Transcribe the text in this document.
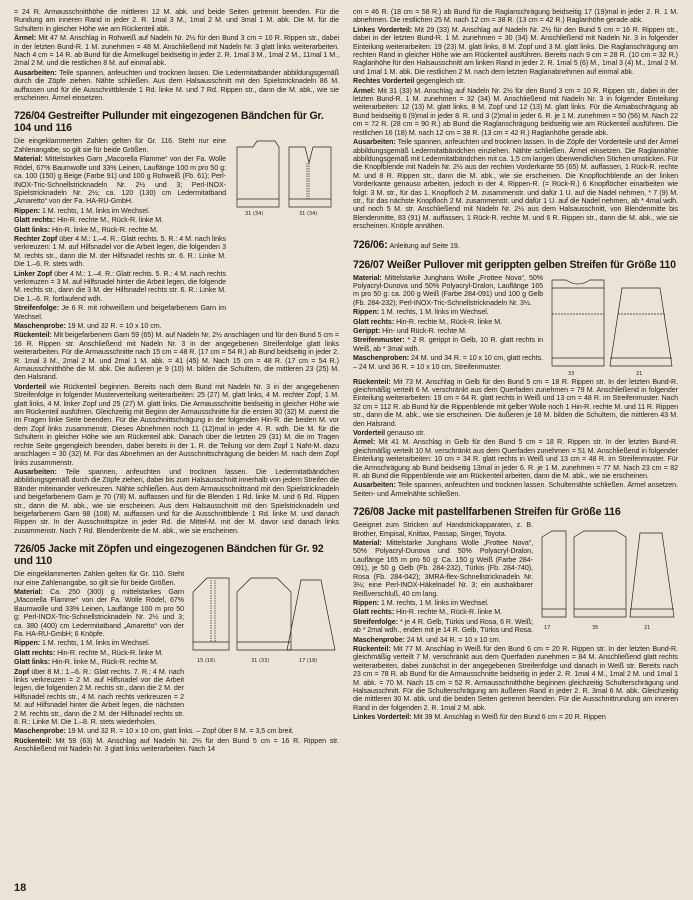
= 24 R. Armausschnitthöhe die mittleren 12 M. abk. und beide Seiten getrennt beenden. Für die Rundung am inneren Rand in jeder 2. R. 1mal 3 M., 1mal 2 M. und 3mal 1 M. abk. Die M. für die Schultern in gleicher Höhe wie am Rückenteil abk.

Ärmel: Mit 47 M. Anschlag in Rohweiß auf Nadeln Nr. 2½ für den Bund 3 cm = 10 R. Rippen str., dabei in der letzten Bund-R. 1 M. zunehmen = 48 M. Anschließend mit Nadeln Nr. 3 glatt links weiterarbeiten. Nach 4 cm = 14 R. ab Bund für die Ärmelkugel beidseitig in jeder 2. R. 1mal 3 M., 1mal 2 M., 11mal 1 M., 2mal 2 M. und die restlichen 8 M. auf einmal abk.

Ausarbeiten: Teile spannen, anfeuchten und trocknen lassen. Die Ledermitatbänder abbildungsgemäß durch die Zöpfe ziehen. Nähte schließen. Aus dem Halsausschnitt mit den Spielstricknadeln 86 M. auffassen und für die Ausschnittblende 1 Rd. linke M. und 7 Rd. Rippen str., dann die M. abk., wie sie erscheinen. Ärmel einsetzen.

726/04 Gestreifter Pullunder mit eingezogenen Bändchen für Gr. 104 und 116

Die eingeklammerten Zahlen gelten für Gr. 116. Steht nur eine Zahlenangabe, so gilt sie für beide Größen.

Material: Mittelstarkes Garn „Macorella Flamme“ von der Fa. Wolle Rödel, 67% Baumwolle und 33% Leinen, Lauflänge 100 m pro 50 g: ca. 100 (150) g Beige (Farbe 91) und 100 g Rohweiß (Fb. 61); Perl-INOX-Tric-Schnellstricknadeln Nr. 2½ und 3; Perl-INOX-Spielstricknadeln Nr. 2½; ca. 120 (130) cm Ledermitatband „Amaretto“ von der Fa. HA-RU-GmbH.

Rippen: 1 M. rechts, 1 M. links im Wechsel.

Glatt rechts: Hin-R. rechte M., Rück-R. linke M.

Glatt links: Hin-R. linke M., Rück-R. rechte M.

Rechter Zopf über 4 M.: 1.–4. R.: Glatt rechts. 5. R.: 4 M. nach links verkreuzen: 1 M. auf Hilfsnadel vor die Arbeit legen, die folgenden 3 M. rechts str., dann die M. der Hilfsnadel rechts str. 6. R.: Linke M. Die 1.–6. R. stets wdh.

Linker Zopf über 4 M.: 1.–4. R.: Glatt rechts. 5. R.: 4 M. nach rechts verkreuzen = 3 M. auf Hilfsnadel hinter die Arbeit legen, die folgende M. rechts str., dann die 3 M. der Hilfsnadel rechts str. 6. R.: Linke M. Die 1.–6. R. fortlaufend wdh.

Streifenfolge: Je 6 R. mit rohweißem und beigefarbenem Garn im Wechsel.

31 (34)	31 (34)

Maschenprobe: 19 M. und 32 R. = 10 x 10 cm.

Rückenteil: Mit beigefarbenem Garn 59 (65) M. auf Nadeln Nr. 2½ anschlagen und für den Bund 5 cm = 16 R. Rippen str. Anschließend mit Nadeln Nr. 3 in der angegebenen Streifenfolge glatt links weiterarbeiten. Für die Armausschnitte nach 15 cm = 48 R. (17 cm = 54 R.) ab Bund beidseitig in jeder 2. R. 1mal 3 M., 2mal 2 M. und 2mal 1 M. abk. = 41 (45) M. Nach 15 cm = 48 R. (17 cm = 54 R.) Armausschnitthöhe die M. abk. Die äußeren je 9 (10) M. bilden die Schultern, die mittleren 23 (25) M. den Halsrand.

Vorderteil wie Rückenteil beginnen. Bereits nach dem Bund mit Nadeln Nr. 3 in der angegebenen Streifenfolge in folgender Musterverteilung weiterarbeiten: 25 (27) M. glatt links, 4 M. rechter Zopf, 1 M. glatt links, 4 M. linker Zopf und 25 (27) M. glatt links. Die Armausschnitte beidseitig in gleicher Höhe wie am Rückenteil ausführen. Gleichzeitig mit Beginn der Armausschnitte für die ersten 30 (32) M. zuerst die im Fragen linke Seite beenden. Für die Ausschnittschrägung in der folgenden Hin-R. die beiden M. vor dem Zopf links zusammenstr. Dieses Abnehmen noch 11 (12)mal in jeder 4. R. wdh. Die M. für die Schultern in gleicher Höhe wie am Rückenteil abk. Danach über die letzten 29 (31) M. die im Tragen rechte Seite gegengleich beenden, dabei bereits in der 1. R. die Teilung vor dem Zopf 1 Naht-M. dazu anschlagen = 30 (32) M. Für das Abnehmen an der Ausschnittschrägung die beiden M. nach dem Zopf links zusammenstr.

Ausarbeiten: Teile spannen, anfeuchten und trocknen lassen. Die Ledermitatbändchen abbildungsgemäß durch die Zöpfe ziehen, dabei bis zum Halsausschnitt innerhalb von jedem Streifen die Bänder miteinander verkreuzen. Nähte schließen. Aus dem Armausschnittrand mit den Spielstricknadeln und beigefarbenem Garn je 70 (78) M. auffassen und für die Blenden 1 Rd. linke M. und 6 Rd. Rippen str., dann die M. abk., wie sie erscheinen. Aus dem Halsausschnitt mit den Spielstricknadeln und beigefarbenem Garn 98 (108) M. auffassen und für die Ausschnittblende 1 Rd. linke M. und danach Rippen str. In der Ausschnittspitze in jeder Rd. die Mittel-M. mit der M. davor und danach links zusammenstr. Nach 7 Rd. Blendenbreite die M. abk., wie sie erscheinen.

726/05 Jacke mit Zöpfen und eingezogenen Bändchen für Gr. 92 und 110

Die eingeklammerten Zahlen gelten für Gr. 110. Steht nur eine Zahlenangabe, so gilt sie für beide Größen.

Material: Ca. 250 (300) g mittelstarkes Garn „Macorella Flamme“ von der Fa. Wolle Rödel, 67% Baumwolle und 33% Leinen, Lauflänge 100 m pro 50 g; Perl-INOX-Tric-Schnellstricknadeln Nr. 2½ und 3; ca. 380 (400) cm Ledermitatband „Amaretto“ von der Fa. HA-RU-GmbH; 6 Knöpfe.

Rippen: 1 M. rechts, 1 M. links im Wechsel.

Glatt rechts: Hin-R. rechte M., Rück-R. linke M.

Glatt links: Hin-R. linke M., Rück-R. rechte M.

Zopf über 8 M.: 1.–6. R.: Glatt rechts. 7. R.: 4 M. nach links verkreuzen = 2 M. auf Hilfsnadel vor die Arbeit legen, die folgenden 2 M. rechts str., dann die 2 M. der Hilfsnadel rechts str., 4 M. nach rechts verkreuzen = 2 M. auf Hilfsnadel hinter die Arbeit legen, die nächsten 2 M. rechts str., dann die 2 M. der Hilfsnadel rechts str. 8. R.: Linke M. Die 1.–8. R. stets wiederholen.

15 (16)	31 (33)	17 (18)

Maschenprobe: 19 M. und 32 R. = 10 x 10 cm, glatt links. – Zopf über 8 M. = 3,5 cm breit.

Rückenteil: Mit 59 (63) M. Anschlag auf Nadeln Nr. 2½ für den Bund 5 cm = 16 R. Rippen str. Anschließend mit Nadeln Nr. 3 glatt links weiterarbeiten. Nach 14

cm = 46 R. (18 cm = 58 R.) ab Bund für die Raglanschrägung beidseitig 17 (19)mal in jeder 2. R. 1 M. abnehmen. Die restlichen 25 M. nach 12 cm = 38 R. (13 cm = 42 R.) Raglanhöhe gerade abk.

Linkes Vorderteil: Mit 29 (33) M. Anschlag auf Nadeln Nr. 2½ für den Bund 5 cm = 16 R. Rippen str., dabei in der letzten Bund-R. 1 M. zunehmen = 30 (34) M. Anschließend mit Nadeln Nr. 3 in folgender Einteilung weiterarbeiten: 19 (23) M. glatt links, 8 M. Zopf und 3 M. glatt links. Die Raglanschrägung am rechten Rand in gleicher Höhe wie am Rückenteil ausführen. Bereits nach 9 cm = 28 R. (10 cm = 32 R.) Raglanhöhe für den Halsausschnitt am linken Rand in jeder 2. R. 1mal 5 (6) M., 1mal 3 (4) M., 1mal 2 M. und 1mal 1 M. abk. Die restlichen 2 M. nach dem letzten Raglanabnehmen auf einmal abk.

Rechtes Vorderteil gegengleich str.

Ärmel: Mit 31 (33) M. Anschlag auf Nadeln Nr. 2½ für den Bund 3 cm = 10 R. Rippen str., dabei in der letzten Bund-R. 1 M. zunehmen = 32 (34) M. Anschließend mit Nadeln Nr. 3 in folgender Einteilung weiterarbeiten: 12 (13) M. glatt links, 8 M. Zopf und 12 (13) M. glatt links. Für die Armabschrägung ab Bund beidseitig 6 (9)mal in jeder 8. R. und 3 (2)mal in jeder 6. R. je 1 M. zunehmen = 50 (56) M. Nach 22 cm = 72 R. (28 cm = 90 R.) ab Bund die Raglanschrägung beidseitig wie am Rückenteil ausführen. Die restlichen 16 (18) M. nach 12 cm = 38 R. (13 cm = 42 R.) Raglanhöhe gerade abk.

Ausarbeiten: Teile spannen, anfeuchten und trocknen lassen. In die Zöpfe der Vorderteile und der Ärmel abbildungsgemäß Ledermitatbändchen einziehen. Nähte schließen. Ärmel einsetzen. Die Raglannähte abbildungsgemäß mit Ledermitatbändchen mit ca. 1,5 cm langen überwendlichen Stichen umsticken. Für die Knopfblende mit Nadeln Nr. 2½ aus der rechten Vorderkante 55 (65) M. auffassen, 1 Rück-R. rechte M. und 8 R. Rippen str., dann die M. abk., wie sie erscheinen. Die Knopflochblende an der linken Vorderkante genauso arbeiten, jedoch in der 4. Rippen-R. (= Rück-R.) 6 Knopflöcher einarbeiten wie folgt: 3 M. str., für das 1. Knopfloch 2 M. zusammenstr. und dafür 1 U. auf die Nadel nehmen, * 7 (9) M. str., für das nächste Knopfloch 2 M. zusammenstr. und dafür 1 U. auf die Nadel nehmen, ab * 4mal wdh. und noch 5 M. str. Anschließend mit Nadeln Nr. 2½ aus dem Halsausschnitt, von Blendenmitte bis Blendenmitte, 83 (91) M. auffassen, 1 Rück-R. rechte M. und 6 R. Rippen str., dann die M. abk., wie sie erscheinen. Knöpfe annähen.

726/06: Anleitung auf Seite 19.

726/07 Weißer Pullover mit gerippten gelben Streifen für Größe 110

Material: Mittelstarke Junghans Wolle „Frottee Nova“, 50% Polyacryl-Dunova und 50% Polyacryl-Dralon, Lauflänge 165 m pro 50 g: ca. 200 g Weiß (Farbe 284-091) und 100 g Gelb (Fb. 284-232); Perl-INOX-Tric-Schnellstricknadeln Nr. 3½.

Rippen: 1 M. rechts, 1 M. links im Wechsel.

Glatt rechts: Hin-R. rechte M., Rück-R. linke M.

Gerippt: Hin- und Rück-R. rechte M.

Streifenmuster: * 2 R. gerippt in Gelb, 10 R. glatt rechts in Weiß, ab * 3mal wdh.

Maschenproben: 24 M. und 34 R. = 10 x 10 cm, glatt rechts. – 24 M. und 36 R. = 10 x 10 cm, Streifenmuster.

33	21

Rückenteil: Mit 73 M. Anschlag in Gelb für den Bund 5 cm = 18 R. Rippen str. In der letzten Bund-R. gleichmäßig verteilt 6 M. verschränkt aus dem Querfaden zunehmen = 79 M. Anschließend in folgender Einteilung weiterarbeiten: 19 cm = 64 R. glatt rechts in Weiß und 13 cm = 48 R. im Streifenmuster. Nach 32 cm = 112 R. ab Bund für die Rippenblende mit gelber Wolle noch 1 Hin-R. rechte M. und 11 R. Rippen str., dann die M. abk., wie sie erscheinen. Die äußeren je 18 M. bilden die Schultern, die mittleren 43 M. den Halsrand.

Vorderteil genauso str.

Ärmel: Mit 41 M. Anschlag in Gelb für den Bund 5 cm = 18 R. Rippen str. In der letzten Bund-R. gleichmäßig verteilt 10 M. verschränkt aus dem Querfaden zunehmen = 51 M. Anschließend in folgender Einteilung weiterarbeiten: 10 cm = 34 R. glatt rechts in Weiß und 13 cm = 48 R. im Streifenmuster. Für die Armschrägung ab Bund beidseitig 13mal in jeder 6. R. je 1 M. zunehmen = 77 M. Nach 23 cm = 82 R. ab Bund die Rippenblende wie am Rückenteil arbeiten, dann die M. abk., wie sie erscheinen.

Ausarbeiten: Teile spannen, anfeuchten und trocknen lassen. Schulternähte schließen. Ärmel ansetzen. Seiten- und Ärmelnähte schließen.

726/08 Jacke mit pastellfarbenen Streifen für Größe 116

Geeignet zum Stricken auf Handstrickapparaten, z. B. Brother, Empisal, Knittax, Passap, Singer, Toyota.

Material: Mittelstarke Junghans Wolle „Frottee Nova“, 50% Polyacryl-Dunova und 50% Polyacryl-Dralon, Lauflänge 165 m pro 50 g: Ca. 150 g Weiß (Farbe 284-091), je 50 g Gelb (Fb. 284-232), Türkis (Fb. 284-740), Rosa (Fb. 284-042); 3MRA-flex-Schnellstricknadeln Nr. 3½; eine Perl-INOX-Häkelnadel Nr. 3; ein aushakbarer Reißverschluß, 40 cm lang.

Rippen: 1 M. rechts, 1 M. links im Wechsel.

Glatt rechts: Hin-R. rechte M., Rück-R. linke M.

Streifenfolge: * je 4 R. Gelb, Türkis und Rosa, 6 R. Weiß; ab * 2mal wdh., enden mit je 14 R. Gelb, Türkis und Rosa.

Maschenprobe: 24 M. und 34 R. = 10 x 10 cm.

17	35	21

Rückenteil: Mit 77 M. Anschlag in Weiß für den Bund 6 cm = 20 R. Rippen str. In der letzten Bund-R. gleichmäßig verteilt 7 M. verschränkt aus dem Querfaden zunehmen = 84 M. Anschließend glatt rechts weiterarbeiten, dabei zunächst in der angegebenen Streifenfolge und danach in Weiß str. Bereits nach 23 cm = 78 R. ab Bund für die Armausschnitte beidseitig in jeder 2. R. 1mal 4 M., 1mal 2 M. und 1mal 1 M. abk. = 70 M. Nach 15 cm = 52 R. Armausschnitthöhe beginnen gleichzeitig Schulterschrägung und Halsausschnitt. Für die Schulterschrägung am äußeren Rand in jeder 2. R. 3mal 6 M. abk. Gleichzeitig die mittleren 30 M. abk. und die beiden Seiten getrennt beenden. Für die Ausschnittrundung am inneren Rand in der folgenden 2. R. 1mal 2 M. abk.

Linkes Vorderteil: Mit 39 M. Anschlag in Weiß für den Bund 6 cm = 20 R. Rippen

18
